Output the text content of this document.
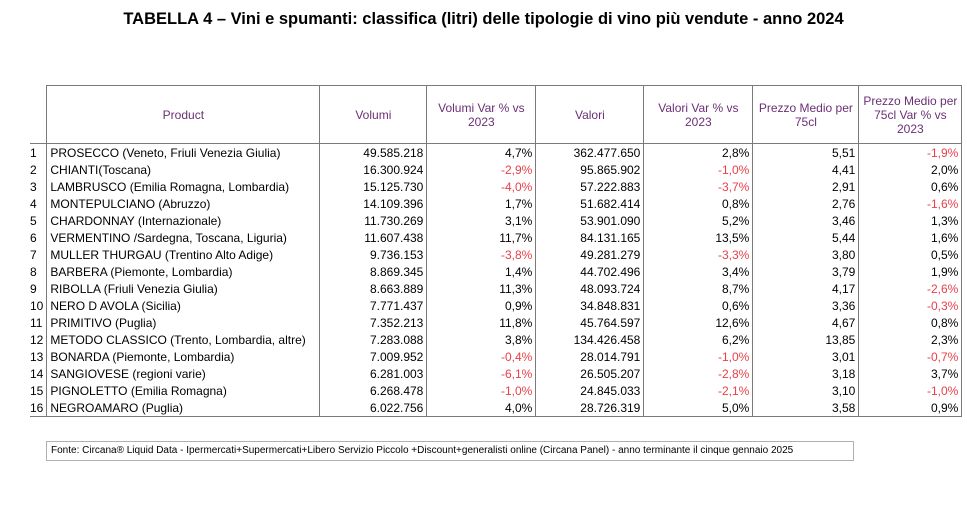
TABELLA 4 – Vini e spumanti: classifica (litri) delle tipologie di vino più vendute - anno 2024
	Product	Volumi	Volumi Var % vs 2023	Valori	Valori Var % vs 2023	Prezzo Medio per 75cl	Prezzo Medio per 75cl Var % vs 2023
1	PROSECCO (Veneto, Friuli Venezia Giulia)	49.585.218	4,7%	362.477.650	2,8%	5,51	-1,9%
2	CHIANTI(Toscana)	16.300.924	-2,9%	95.865.902	-1,0%	4,41	2,0%
3	LAMBRUSCO (Emilia Romagna, Lombardia)	15.125.730	-4,0%	57.222.883	-3,7%	2,91	0,6%
4	MONTEPULCIANO (Abruzzo)	14.109.396	1,7%	51.682.414	0,8%	2,76	-1,6%
5	CHARDONNAY (Internazionale)	11.730.269	3,1%	53.901.090	5,2%	3,46	1,3%
6	VERMENTINO /Sardegna, Toscana, Liguria)	11.607.438	11,7%	84.131.165	13,5%	5,44	1,6%
7	MULLER THURGAU (Trentino Alto Adige)	9.736.153	-3,8%	49.281.279	-3,3%	3,80	0,5%
8	BARBERA (Piemonte, Lombardia)	8.869.345	1,4%	44.702.496	3,4%	3,79	1,9%
9	RIBOLLA (Friuli Venezia Giulia)	8.663.889	11,3%	48.093.724	8,7%	4,17	-2,6%
10	NERO D AVOLA (Sicilia)	7.771.437	0,9%	34.848.831	0,6%	3,36	-0,3%
11	PRIMITIVO (Puglia)	7.352.213	11,8%	45.764.597	12,6%	4,67	0,8%
12	METODO CLASSICO (Trento, Lombardia, altre)	7.283.088	3,8%	134.426.458	6,2%	13,85	2,3%
13	BONARDA (Piemonte, Lombardia)	7.009.952	-0,4%	28.014.791	-1,0%	3,01	-0,7%
14	SANGIOVESE (regioni varie)	6.281.003	-6,1%	26.505.207	-2,8%	3,18	3,7%
15	PIGNOLETTO (Emilia Romagna)	6.268.478	-1,0%	24.845.033	-2,1%	3,10	-1,0%
16	NEGROAMARO (Puglia)	6.022.756	4,0%	28.726.319	5,0%	3,58	0,9%
Fonte: Circana® Liquid Data - Ipermercati+Supermercati+Libero Servizio Piccolo +Discount+generalisti online (Circana Panel) - anno terminante il cinque gennaio 2025
